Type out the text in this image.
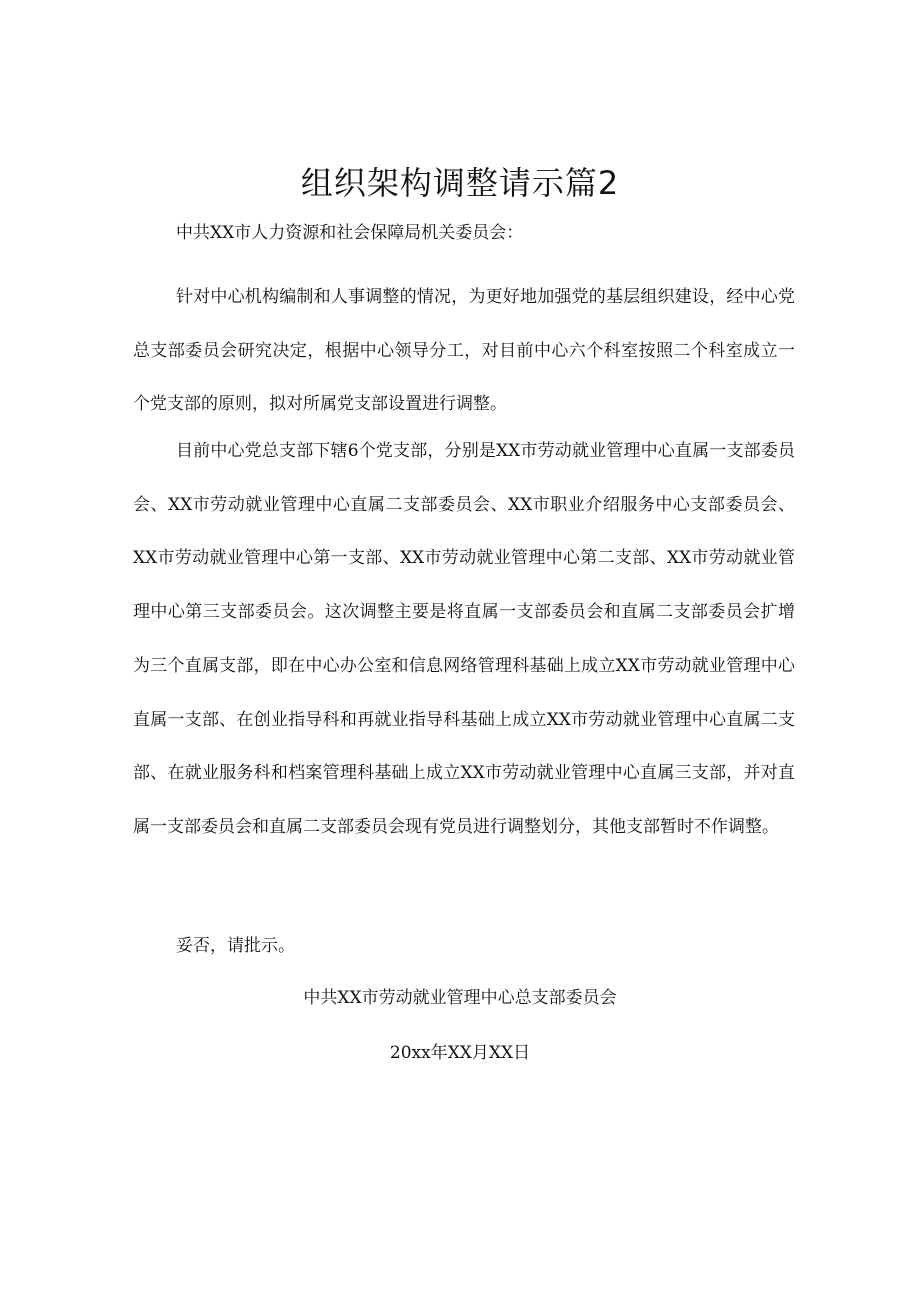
组织架构调整请示篇2
中共XX市人力资源和社会保障局机关委员会：
针对中心机构编制和人事调整的情况，为更好地加强党的基层组织建设，经中心党总支部委员会研究决定，根据中心领导分工，对目前中心六个科室按照二个科室成立一个党支部的原则，拟对所属党支部设置进行调整。
目前中心党总支部下辖6个党支部，分别是XX市劳动就业管理中心直属一支部委员会、XX市劳动就业管理中心直属二支部委员会、XX市职业介绍服务中心支部委员会、XX市劳动就业管理中心第一支部、XX市劳动就业管理中心第二支部、XX市劳动就业管理中心第三支部委员会。这次调整主要是将直属一支部委员会和直属二支部委员会扩增为三个直属支部，即在中心办公室和信息网络管理科基础上成立XX市劳动就业管理中心直属一支部、在创业指导科和再就业指导科基础上成立XX市劳动就业管理中心直属二支部、在就业服务科和档案管理科基础上成立XX市劳动就业管理中心直属三支部，并对直属一支部委员会和直属二支部委员会现有党员进行调整划分，其他支部暂时不作调整。
妥否，请批示。
中共XX市劳动就业管理中心总支部委员会
20xx年XX月XX日
